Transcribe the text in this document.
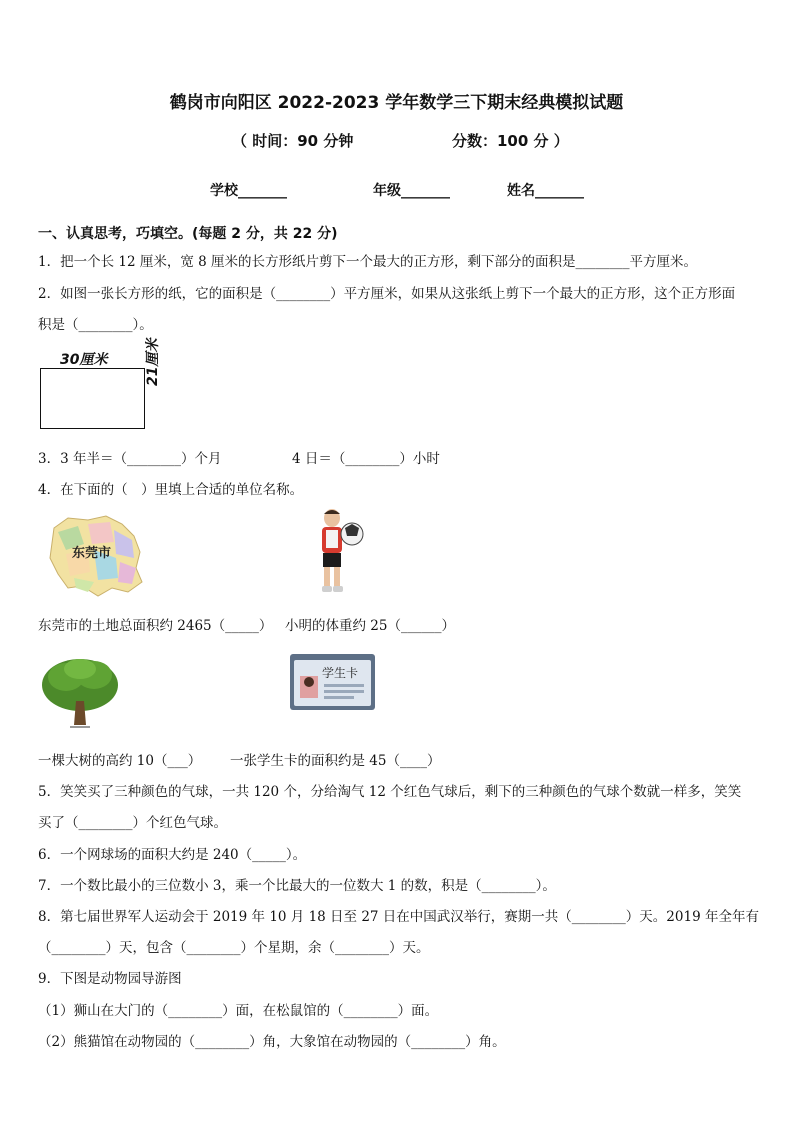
鹤岗市向阳区 2022-2023 学年数学三下期末经典模拟试题
（ 时间：90 分钟	分数：100 分 ）
学校_______	年级_______	姓名_______
一、认真思考，巧填空。(每题 2 分，共 22 分)
1．把一个长 12 厘米，宽 8 厘米的长方形纸片剪下一个最大的正方形，剩下部分的面积是________平方厘米。
2．如图一张长方形的纸，它的面积是（________）平方厘米，如果从这张纸上剪下一个最大的正方形，这个正方形面
积是（________）。
30厘米	21厘米
3．3 年半＝（________）个月	4 日＝（________）小时
4．在下面的（　）里填上合适的单位名称。
东莞市
东莞市的土地总面积约 2465（_____） 小明的体重约 25（______）
学生卡
一棵大树的高约 10（___） 一张学生卡的面积约是 45（____）
5．笑笑买了三种颜色的气球，一共 120 个，分给淘气 12 个红色气球后，剩下的三种颜色的气球个数就一样多，笑笑
买了（________）个红色气球。
6．一个网球场的面积大约是 240（_____）。
7．一个数比最小的三位数小 3，乘一个比最大的一位数大 1 的数，积是（________）。
8．第七届世界军人运动会于 2019 年 10 月 18 日至 27 日在中国武汉举行，赛期一共（________）天。2019 年全年有
（________）天，包含（________）个星期，余（________）天。
9．下图是动物园导游图
（1）狮山在大门的（________）面，在松鼠馆的（________）面。
（2）熊猫馆在动物园的（________）角，大象馆在动物园的（________）角。
